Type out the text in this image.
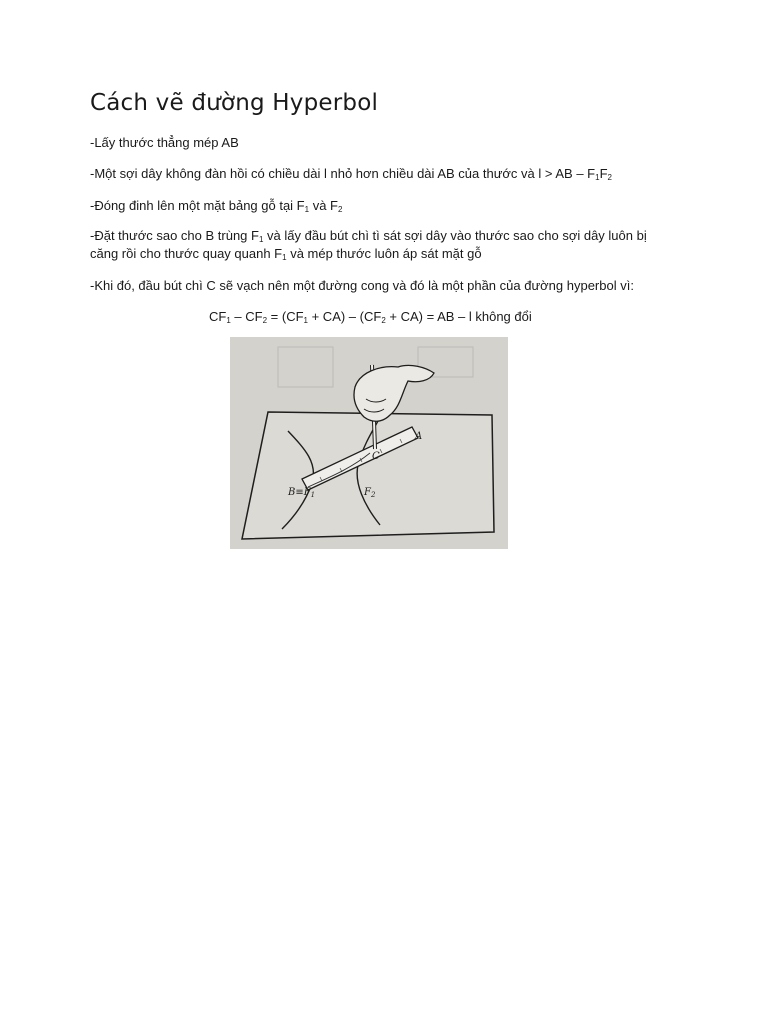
Cách vẽ đường Hyperbol
-Lấy thước thẳng mép AB
-Một sợi dây không đàn hồi có chiều dài l nhỏ hơn chiều dài AB của thước và l > AB – $F_1F_2$
-Đóng đinh lên một mặt bảng gỗ tại $F_1$ và $F_2$
-Đặt thước sao cho B trùng $F_1$ và lấy đầu bút chì tì sát sợi dây vào thước sao cho sợi dây luôn bị
căng rồi cho thước quay quanh $F_1$ và mép thước luôn áp sát mặt gỗ
-Khi đó, đầu bút chì C sẽ vạch nên một đường cong và đó là một phần của đường hyperbol vì:
$CF_1 - CF_2 = (CF_1 + CA) - (CF_2 + CA)$ = AB – l không đổi
A
C
$B\equiv F_1$	$F_2$
